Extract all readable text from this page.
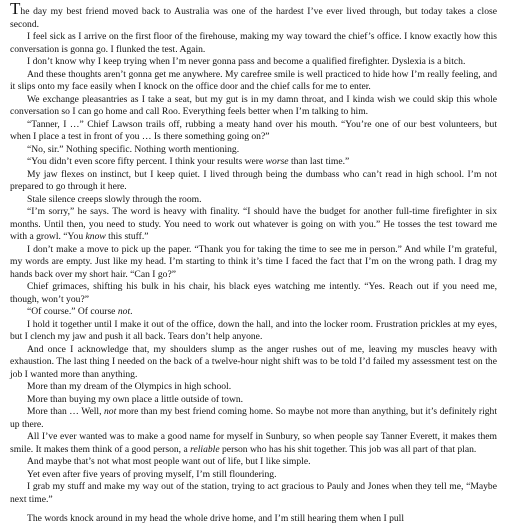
The day my best friend moved back to Australia was one of the hardest I’ve ever lived through, but today takes a close second.

I feel sick as I arrive on the first floor of the firehouse, making my way toward the chief’s office. I know exactly how this conversation is gonna go. I flunked the test. Again.

I don’t know why I keep trying when I’m never gonna pass and become a qualified firefighter. Dyslexia is a bitch.

And these thoughts aren’t gonna get me anywhere. My carefree smile is well practiced to hide how I’m really feeling, and it slips onto my face easily when I knock on the office door and the chief calls for me to enter.

We exchange pleasantries as I take a seat, but my gut is in my damn throat, and I kinda wish we could skip this whole conversation so I can go home and call Roo. Everything feels better when I’m talking to him.

“Tanner, I …” Chief Lawson trails off, rubbing a meaty hand over his mouth. “You’re one of our best volunteers, but when I place a test in front of you … Is there something going on?”

“No, sir.” Nothing specific. Nothing worth mentioning.

“You didn’t even score fifty percent. I think your results were worse than last time.”

My jaw flexes on instinct, but I keep quiet. I lived through being the dumbass who can’t read in high school. I’m not prepared to go through it here.

Stale silence creeps slowly through the room.

“I’m sorry,” he says. The word is heavy with finality. “I should have the budget for another full-time firefighter in six months. Until then, you need to study. You need to work out whatever is going on with you.” He tosses the test toward me with a growl. “You know this stuff.”

I don’t make a move to pick up the paper. “Thank you for taking the time to see me in person.” And while I’m grateful, my words are empty. Just like my head. I’m starting to think it’s time I faced the fact that I’m on the wrong path. I drag my hands back over my short hair. “Can I go?”

Chief grimaces, shifting his bulk in his chair, his black eyes watching me intently. “Yes. Reach out if you need me, though, won’t you?”

“Of course.” Of course not.

I hold it together until I make it out of the office, down the hall, and into the locker room. Frustration prickles at my eyes, but I clench my jaw and push it all back. Tears don’t help anyone.

And once I acknowledge that, my shoulders slump as the anger rushes out of me, leaving my muscles heavy with exhaustion. The last thing I needed on the back of a twelve-hour night shift was to be told I’d failed my assessment test on the job I wanted more than anything.

More than my dream of the Olympics in high school.

More than buying my own place a little outside of town.

More than … Well, not more than my best friend coming home. So maybe not more than anything, but it’s definitely right up there.

All I’ve ever wanted was to make a good name for myself in Sunbury, so when people say Tanner Everett, it makes them smile. It makes them think of a good person, a reliable person who has his shit together. This job was all part of that plan.

And maybe that’s not what most people want out of life, but I like simple.

Yet even after five years of proving myself, I’m still floundering.

I grab my stuff and make my way out of the station, trying to act gracious to Pauly and Jones when they tell me, “Maybe next time.”

The words knock around in my head the whole drive home, and I’m still hearing them when I pull
